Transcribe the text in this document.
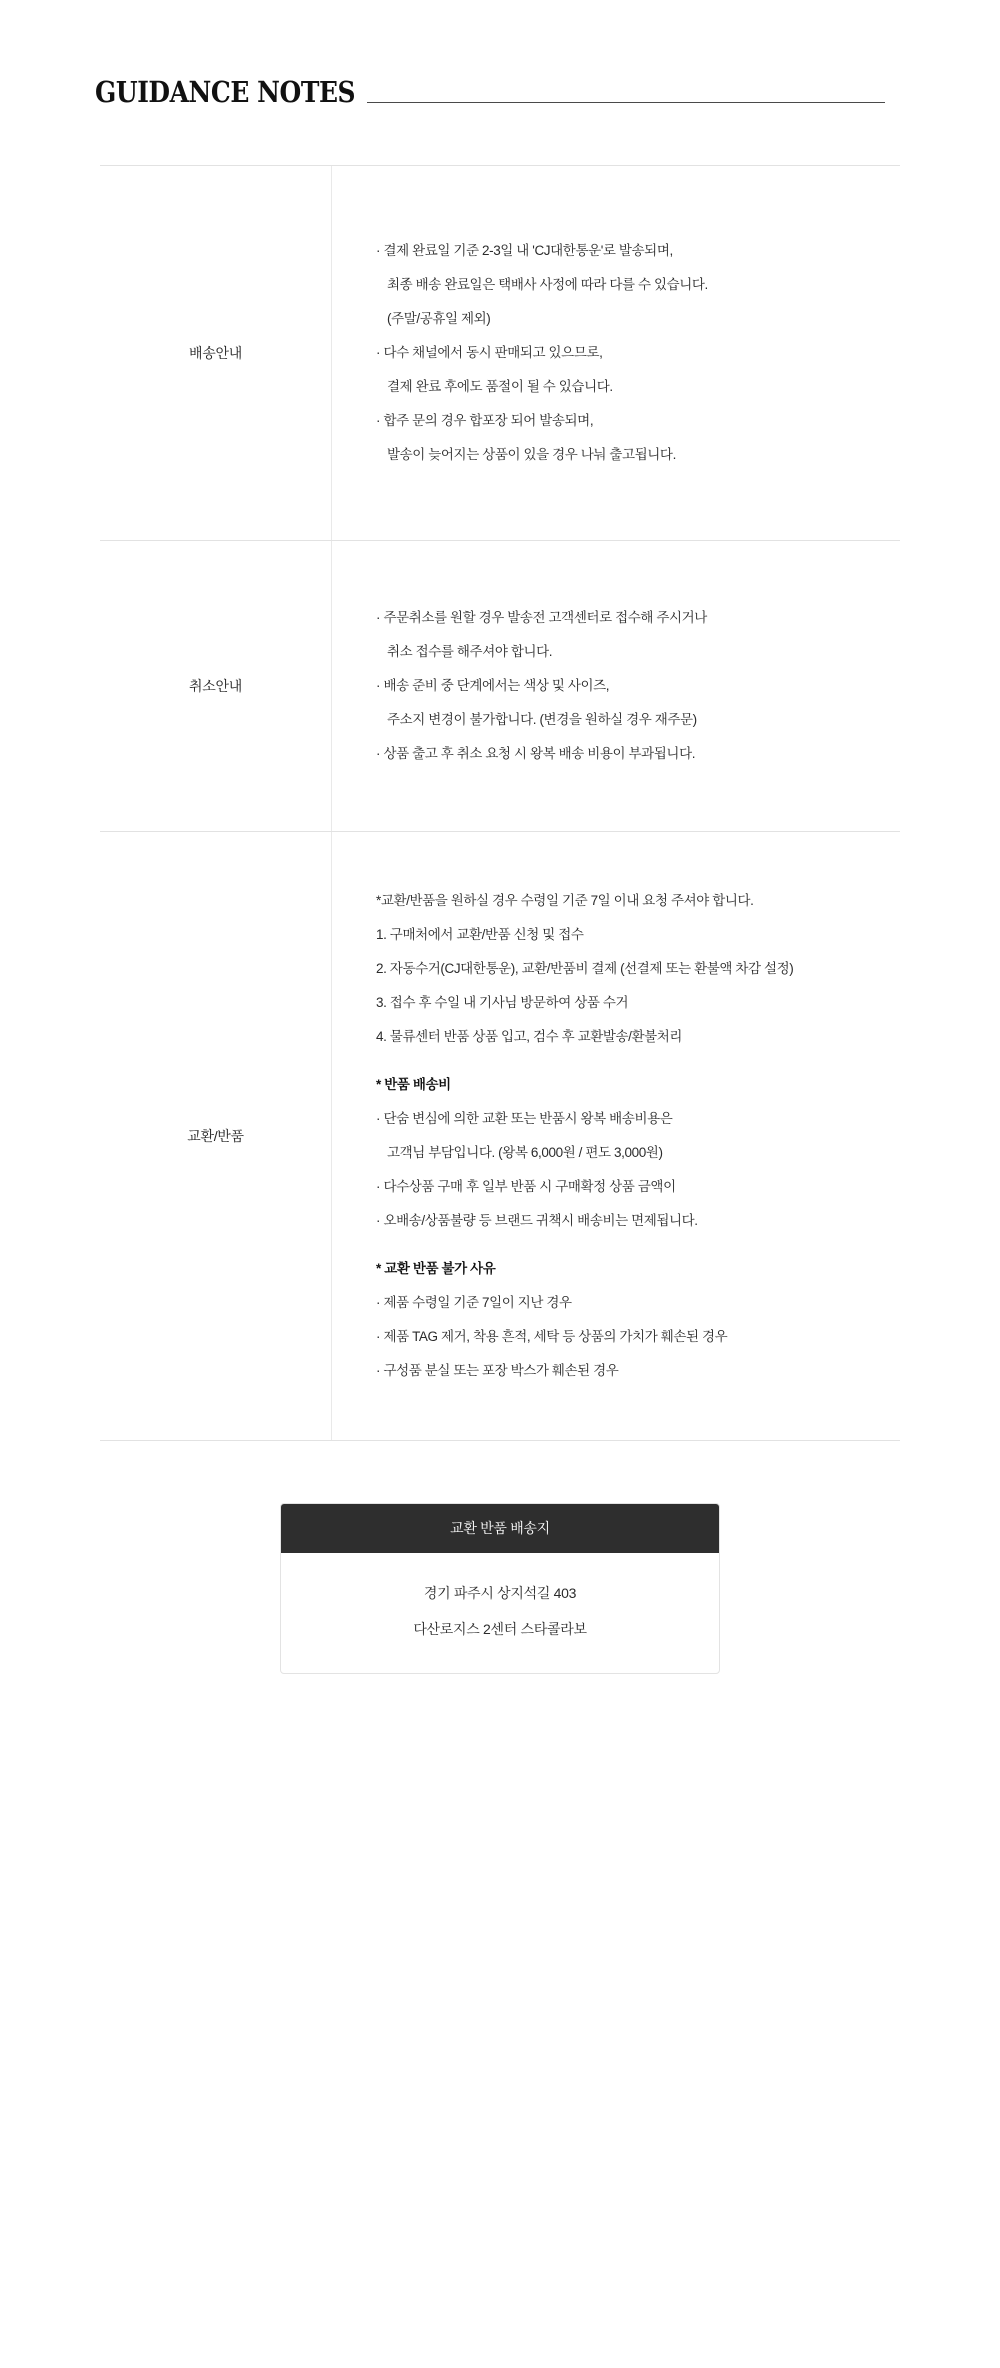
GUIDANCE NOTES
배송안내
· 결제 완료일 기준 2-3일 내 'CJ대한통운'로 발송되며,
최종 배송 완료일은 택배사 사정에 따라 다를 수 있습니다.
(주말/공휴일 제외)
· 다수 채널에서 동시 판매되고 있으므로,
결제 완료 후에도 품절이 될 수 있습니다.
· 합주 문의 경우 합포장 되어 발송되며,
발송이 늦어지는 상품이 있을 경우 나눠 출고됩니다.
취소안내
· 주문취소를 원할 경우 발송전 고객센터로 접수해 주시거나
취소 접수를 해주셔야 합니다.
· 배송 준비 중 단계에서는 색상 및 사이즈,
주소지 변경이 불가합니다. (변경을 원하실 경우 재주문)
· 상품 출고 후 취소 요청 시 왕복 배송 비용이 부과됩니다.
교환/반품
*교환/반품을 원하실 경우 수령일 기준 7일 이내 요청 주셔야 합니다.
1. 구매처에서 교환/반품 신청 및 접수
2. 자동수거(CJ대한통운), 교환/반품비 결제 (선결제 또는 환불액 차감 설정)
3. 접수 후 수일 내 기사님 방문하여 상품 수거
4. 물류센터 반품 상품 입고, 검수 후 교환발송/환불처리
* 반품 배송비
· 단숨 변심에 의한 교환 또는 반품시 왕복 배송비용은
고객님 부담입니다. (왕복 6,000원 / 편도 3,000원)
· 다수상품 구매 후 일부 반품 시 구매확정 상품 금액이
· 오배송/상품불량 등 브랜드 귀책시 배송비는 면제됩니다.
* 교환 반품 불가 사유
· 제품 수령일 기준 7일이 지난 경우
· 제품 TAG 제거, 착용 흔적, 세탁 등 상품의 가치가 훼손된 경우
· 구성품 분실 또는 포장 박스가 훼손된 경우
교환 반품 배송지
경기 파주시 상지석길 403
다산로지스 2센터 스타콜라보
